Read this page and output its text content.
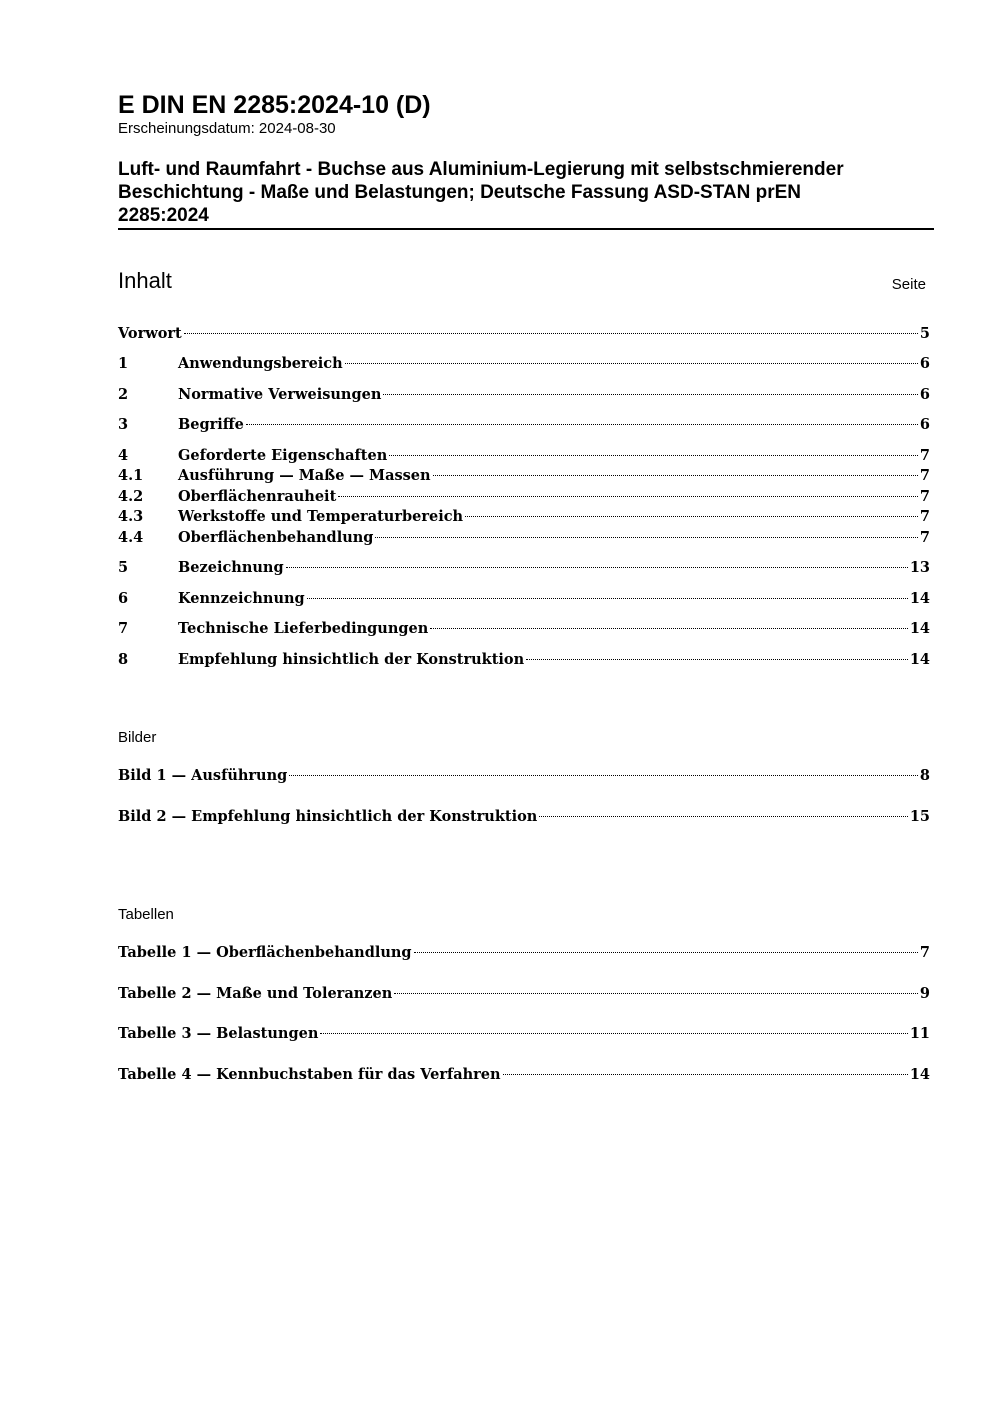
E DIN EN 2285:2024-10 (D)
Erscheinungsdatum: 2024-08-30
Luft- und Raumfahrt - Buchse aus Aluminium-Legierung mit selbstschmierender
Beschichtung - Maße und Belastungen; Deutsche Fassung ASD-STAN prEN
2285:2024
Inhalt	Seite
Vorwort	5
1	Anwendungsbereich	6
2	Normative Verweisungen	6
3	Begriffe	6
4	Geforderte Eigenschaften	7
4.1	Ausführung — Maße — Massen	7
4.2	Oberflächenrauheit	7
4.3	Werkstoffe und Temperaturbereich	7
4.4	Oberflächenbehandlung	7
5	Bezeichnung	13
6	Kennzeichnung	14
7	Technische Lieferbedingungen	14
8	Empfehlung hinsichtlich der Konstruktion	14
Bilder
Bild 1 — Ausführung	8
Bild 2 — Empfehlung hinsichtlich der Konstruktion	15
Tabellen
Tabelle 1 — Oberflächenbehandlung	7
Tabelle 2 — Maße und Toleranzen	9
Tabelle 3 — Belastungen	11
Tabelle 4 — Kennbuchstaben für das Verfahren	14
